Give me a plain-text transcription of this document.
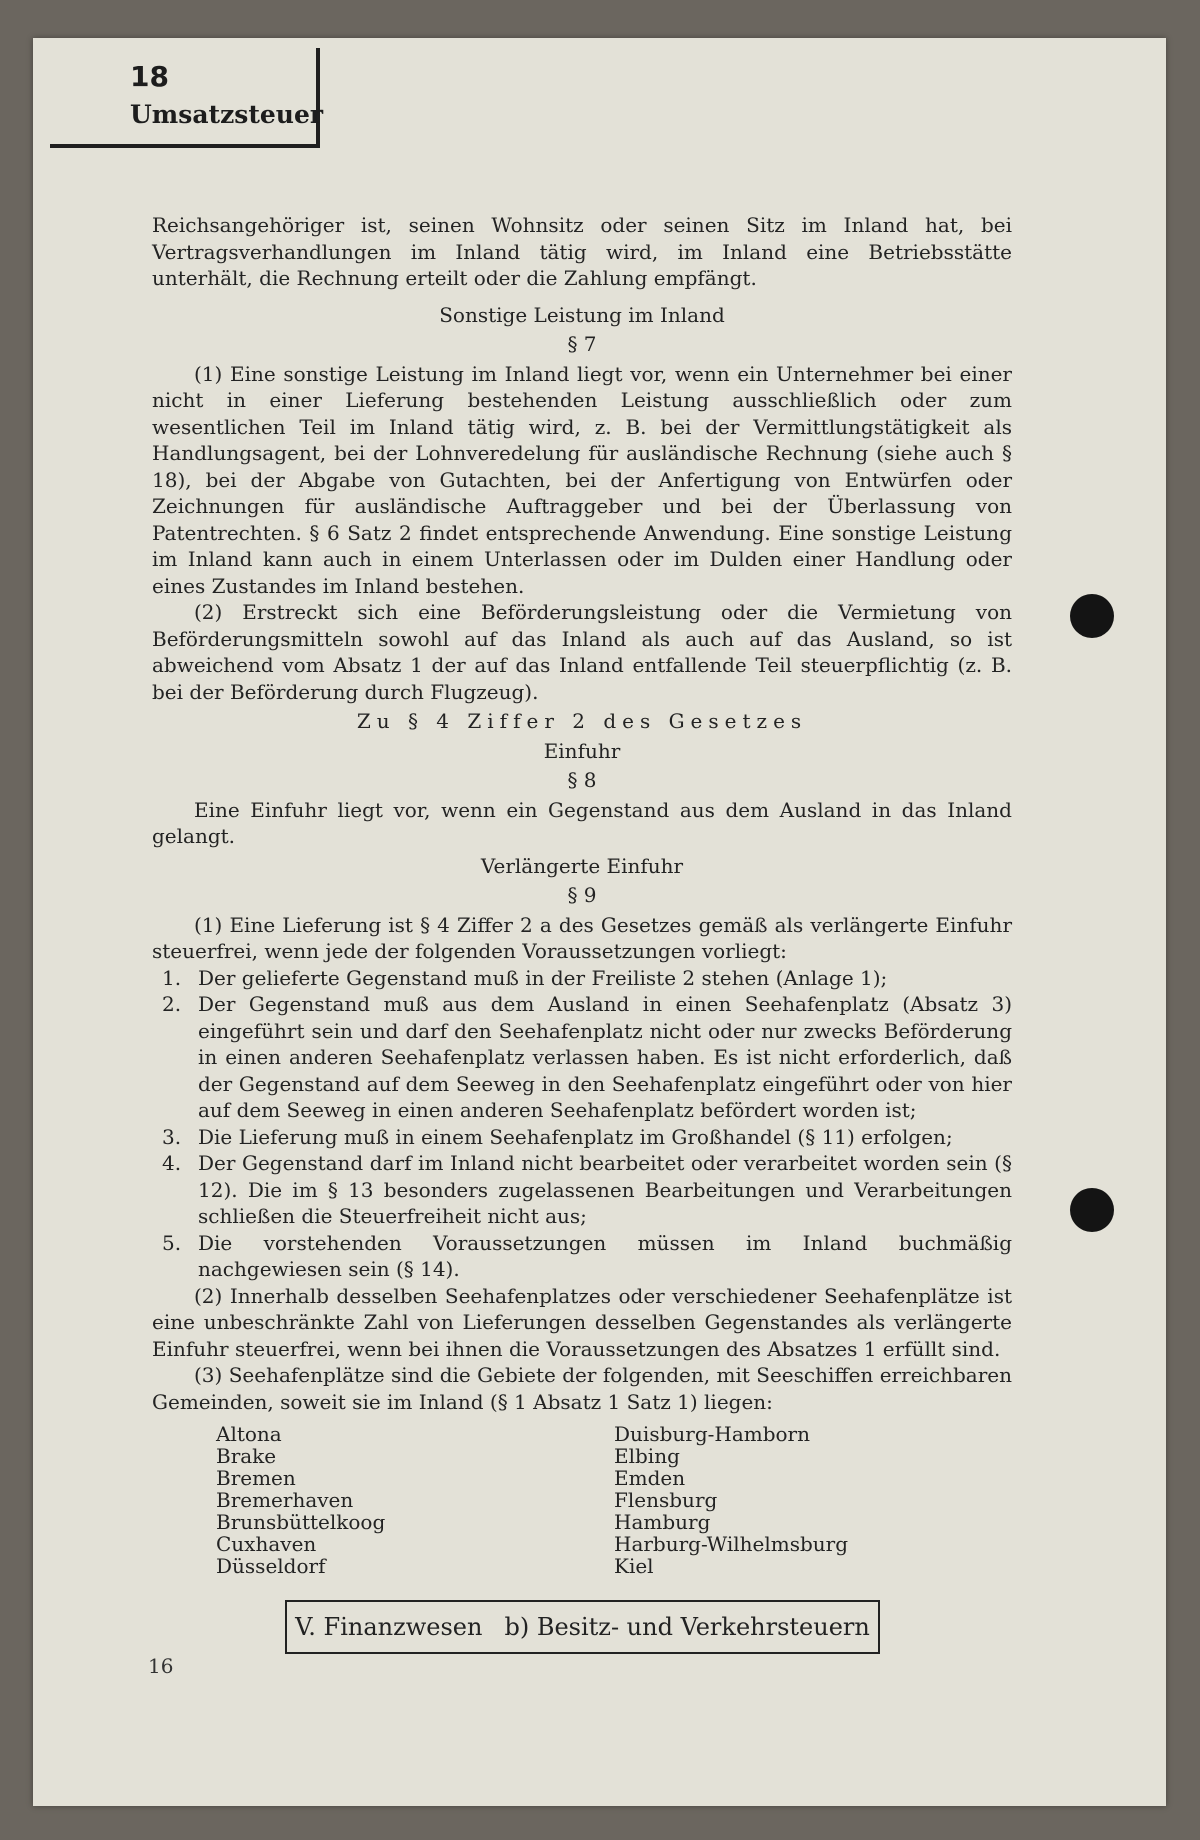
18
Umsatzsteuer

Reichsangehöriger ist, seinen Wohnsitz oder seinen Sitz im Inland hat, bei Vertragsverhandlungen im Inland tätig wird, im Inland eine Betriebsstätte unterhält, die Rechnung erteilt oder die Zahlung empfängt.

Sonstige Leistung im Inland
§ 7

(1) Eine sonstige Leistung im Inland liegt vor, wenn ein Unternehmer bei einer nicht in einer Lieferung bestehenden Leistung ausschließlich oder zum wesentlichen Teil im Inland tätig wird, z. B. bei der Vermittlungstätigkeit als Handlungsagent, bei der Lohnveredelung für ausländische Rechnung (siehe auch § 18), bei der Abgabe von Gutachten, bei der Anfertigung von Entwürfen oder Zeichnungen für ausländische Auftraggeber und bei der Überlassung von Patentrechten. § 6 Satz 2 findet entsprechende Anwendung. Eine sonstige Leistung im Inland kann auch in einem Unterlassen oder im Dulden einer Handlung oder eines Zustandes im Inland bestehen.

(2) Erstreckt sich eine Beförderungsleistung oder die Vermietung von Beförderungsmitteln sowohl auf das Inland als auch auf das Ausland, so ist abweichend vom Absatz 1 der auf das Inland entfallende Teil steuerpflichtig (z. B. bei der Beförderung durch Flugzeug).

Zu § 4 Ziffer 2 des Gesetzes
Einfuhr
§ 8

Eine Einfuhr liegt vor, wenn ein Gegenstand aus dem Ausland in das Inland gelangt.

Verlängerte Einfuhr
§ 9

(1) Eine Lieferung ist § 4 Ziffer 2 a des Gesetzes gemäß als verlängerte Einfuhr steuerfrei, wenn jede der folgenden Voraussetzungen vorliegt:

1. Der gelieferte Gegenstand muß in der Freiliste 2 stehen (Anlage 1);
2. Der Gegenstand muß aus dem Ausland in einen Seehafenplatz (Absatz 3) eingeführt sein und darf den Seehafenplatz nicht oder nur zwecks Beförderung in einen anderen Seehafenplatz verlassen haben. Es ist nicht erforderlich, daß der Gegenstand auf dem Seeweg in den Seehafenplatz eingeführt oder von hier auf dem Seeweg in einen anderen Seehafenplatz befördert worden ist;
3. Die Lieferung muß in einem Seehafenplatz im Großhandel (§ 11) erfolgen;
4. Der Gegenstand darf im Inland nicht bearbeitet oder verarbeitet worden sein (§ 12). Die im § 13 besonders zugelassenen Bearbeitungen und Verarbeitungen schließen die Steuerfreiheit nicht aus;
5. Die vorstehenden Voraussetzungen müssen im Inland buchmäßig nachgewiesen sein (§ 14).

(2) Innerhalb desselben Seehafenplatzes oder verschiedener Seehafenplätze ist eine unbeschränkte Zahl von Lieferungen desselben Gegenstandes als verlängerte Einfuhr steuerfrei, wenn bei ihnen die Voraussetzungen des Absatzes 1 erfüllt sind.

(3) Seehafenplätze sind die Gebiete der folgenden, mit Seeschiffen erreichbaren Gemeinden, soweit sie im Inland (§ 1 Absatz 1 Satz 1) liegen:

Altona
Brake
Bremen
Bremerhaven
Brunsbüttelkoog
Cuxhaven
Düsseldorf
Duisburg-Hamborn
Elbing
Emden
Flensburg
Hamburg
Harburg-Wilhelmsburg
Kiel
V. Finanzwesen b) Besitz- und Verkehrsteuern
16
